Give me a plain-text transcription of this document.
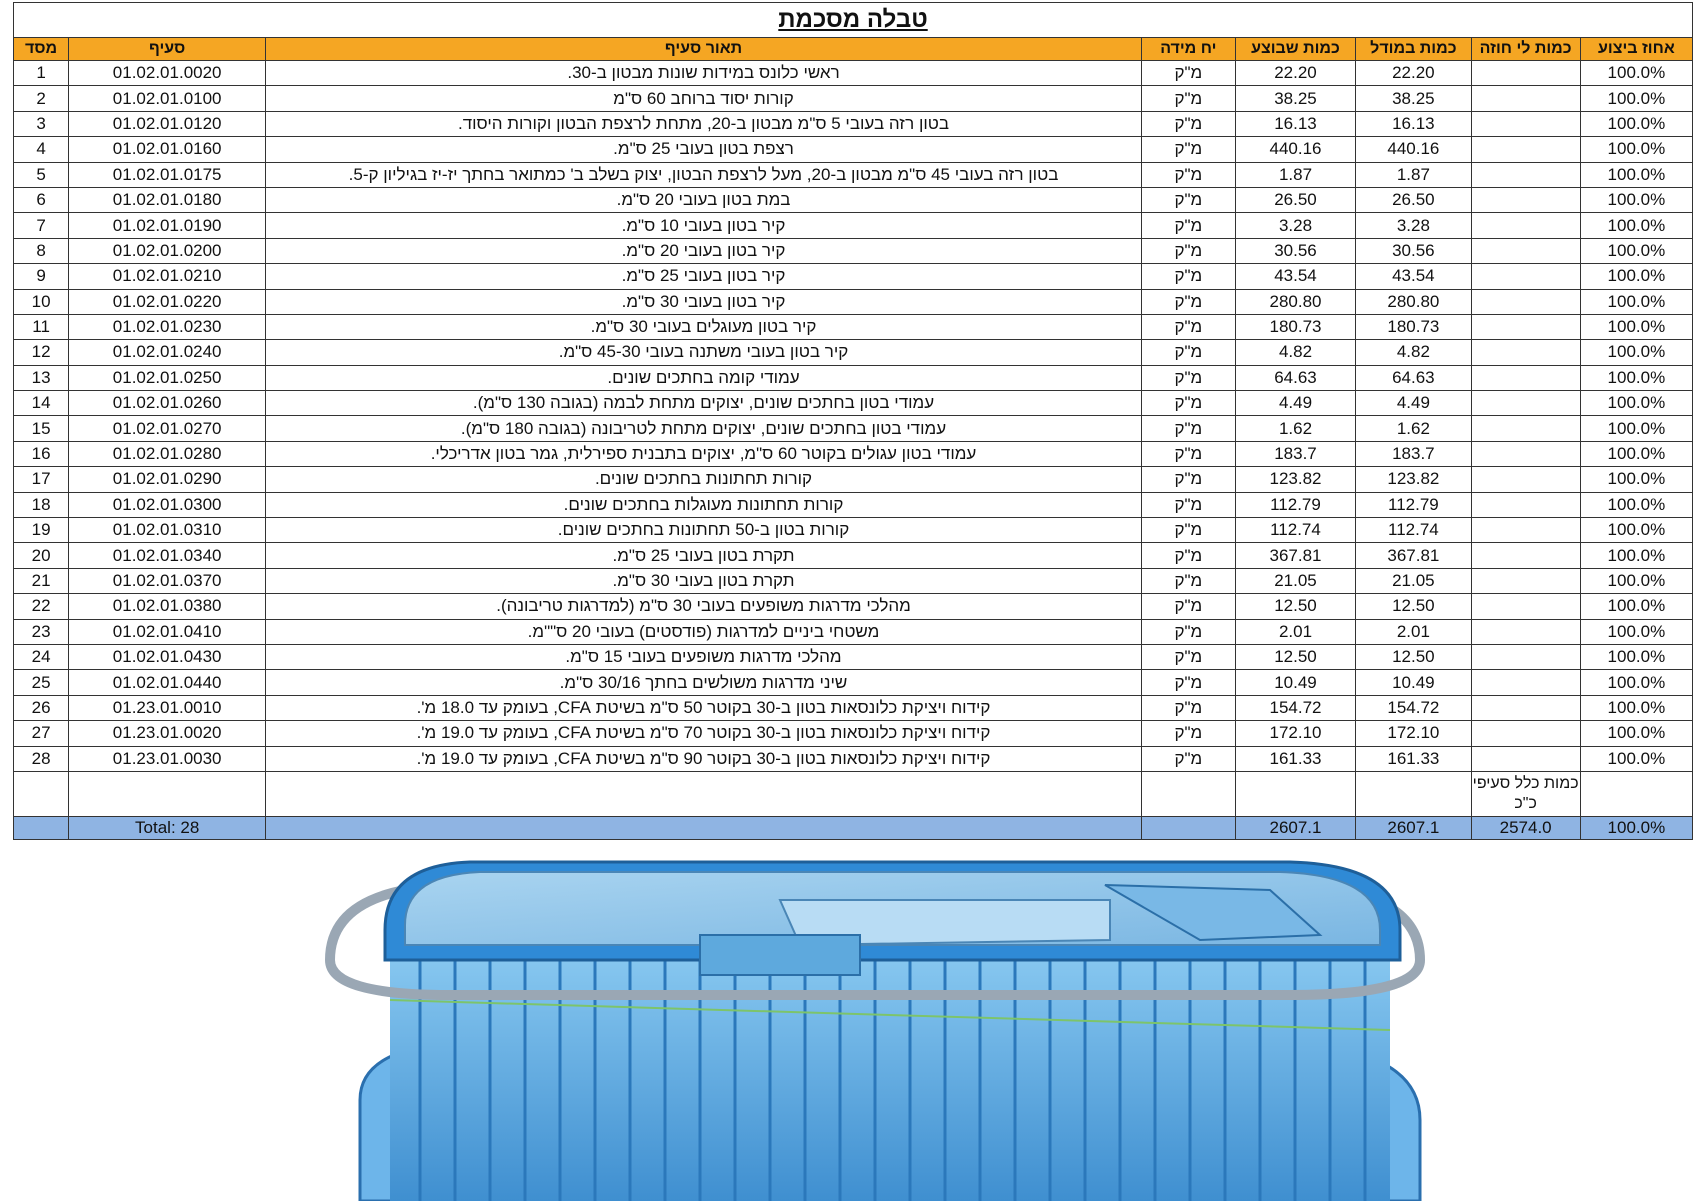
טבלה מסכמת
אחוז ביצוע	כמות לי חוזה	כמות במודל	כמות שבוצע	יח מידה	תאור סעיף	סעיף	מסד
100.0%		22.20	22.20	מ"ק	ראשי כלונס במידות שונות מבטון ב-30.	01.02.01.0020	1
100.0%		38.25	38.25	מ"ק	קורות יסוד ברוחב 60 ס"מ	01.02.01.0100	2
100.0%		16.13	16.13	מ"ק	בטון רזה בעובי 5 ס"מ מבטון ב-20, מתחת לרצפת הבטון וקורות היסוד.	01.02.01.0120	3
100.0%		440.16	440.16	מ"ק	רצפת בטון בעובי 25 ס"מ.	01.02.01.0160	4
100.0%		1.87	1.87	מ"ק	בטון רזה בעובי 45 ס"מ מבטון ב-20, מעל לרצפת הבטון, יצוק בשלב ב' כמתואר בחתך יז-יז בגיליון ק-5.	01.02.01.0175	5
100.0%		26.50	26.50	מ"ק	במת בטון בעובי 20 ס"מ.	01.02.01.0180	6
100.0%		3.28	3.28	מ"ק	קיר בטון בעובי 10 ס"מ.	01.02.01.0190	7
100.0%		30.56	30.56	מ"ק	קיר בטון בעובי 20 ס"מ.	01.02.01.0200	8
100.0%		43.54	43.54	מ"ק	קיר בטון בעובי 25 ס"מ.	01.02.01.0210	9
100.0%		280.80	280.80	מ"ק	קיר בטון בעובי 30 ס"מ.	01.02.01.0220	10
100.0%		180.73	180.73	מ"ק	קיר בטון מעוגלים בעובי 30 ס"מ.	01.02.01.0230	11
100.0%		4.82	4.82	מ"ק	קיר בטון בעובי משתנה בעובי 45-30 ס"מ.	01.02.01.0240	12
100.0%		64.63	64.63	מ"ק	עמודי קומה בחתכים שונים.	01.02.01.0250	13
100.0%		4.49	4.49	מ"ק	עמודי בטון בחתכים שונים, יצוקים מתחת לבמה (בגובה 130 ס"מ).	01.02.01.0260	14
100.0%		1.62	1.62	מ"ק	עמודי בטון בחתכים שונים, יצוקים מתחת לטריבונה (בגובה 180 ס"מ).	01.02.01.0270	15
100.0%		183.7	183.7	מ"ק	עמודי בטון עגולים בקוטר 60 ס"מ, יצוקים בתבנית ספירלית, גמר בטון אדריכלי.	01.02.01.0280	16
100.0%		123.82	123.82	מ"ק	קורות תחתונות בחתכים שונים.	01.02.01.0290	17
100.0%		112.79	112.79	מ"ק	קורות תחתונות מעוגלות בחתכים שונים.	01.02.01.0300	18
100.0%		112.74	112.74	מ"ק	קורות בטון ב-50 תחתונות בחתכים שונים.	01.02.01.0310	19
100.0%		367.81	367.81	מ"ק	תקרת בטון בעובי 25 ס"מ.	01.02.01.0340	20
100.0%		21.05	21.05	מ"ק	תקרת בטון בעובי 30 ס"מ.	01.02.01.0370	21
100.0%		12.50	12.50	מ"ק	מהלכי מדרגות משופעים בעובי 30 ס"מ (למדרגות טריבונה).	01.02.01.0380	22
100.0%		2.01	2.01	מ"ק	משטחי ביניים למדרגות (פודסטים) בעובי 20 ס""מ.	01.02.01.0410	23
100.0%		12.50	12.50	מ"ק	מהלכי מדרגות משופעים בעובי 15 ס"מ.	01.02.01.0430	24
100.0%		10.49	10.49	מ"ק	שיני מדרגות משולשים בחתך 30/16 ס"מ.	01.02.01.0440	25
100.0%		154.72	154.72	מ"ק	קידוח ויציקת כלונסאות בטון ב-30 בקוטר 50 ס"מ בשיטת CFA, בעומק עד 18.0 מ'.	01.23.01.0010	26
100.0%		172.10	172.10	מ"ק	קידוח ויציקת כלונסאות בטון ב-30 בקוטר 70 ס"מ בשיטת CFA, בעומק עד 19.0 מ'.	01.23.01.0020	27
100.0%		161.33	161.33	מ"ק	קידוח ויציקת כלונסאות בטון ב-30 בקוטר 90 ס"מ בשיטת CFA, בעומק עד 19.0 מ'.	01.23.01.0030	28
	כמות כלל סעיפי כ"כ						
100.0%	2574.0	2607.1	2607.1			Total: 28	
